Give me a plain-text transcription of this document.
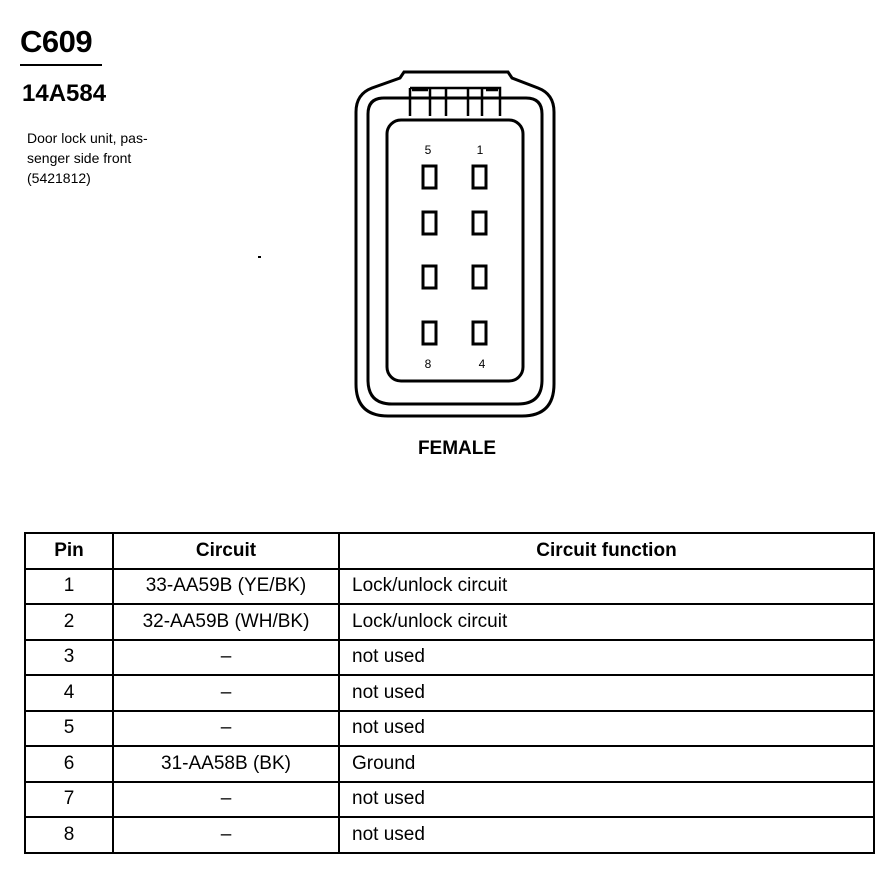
C609
14A584
Door lock unit, pas-
senger side front
(5421812)
5	1
8	4
FEMALE
Pin	Circuit	Circuit function
1	33-AA59B (YE/BK)	Lock/unlock circuit
2	32-AA59B (WH/BK)	Lock/unlock circuit
3	–	not used
4	–	not used
5	–	not used
6	31-AA58B (BK)	Ground
7	–	not used
8	–	not used
